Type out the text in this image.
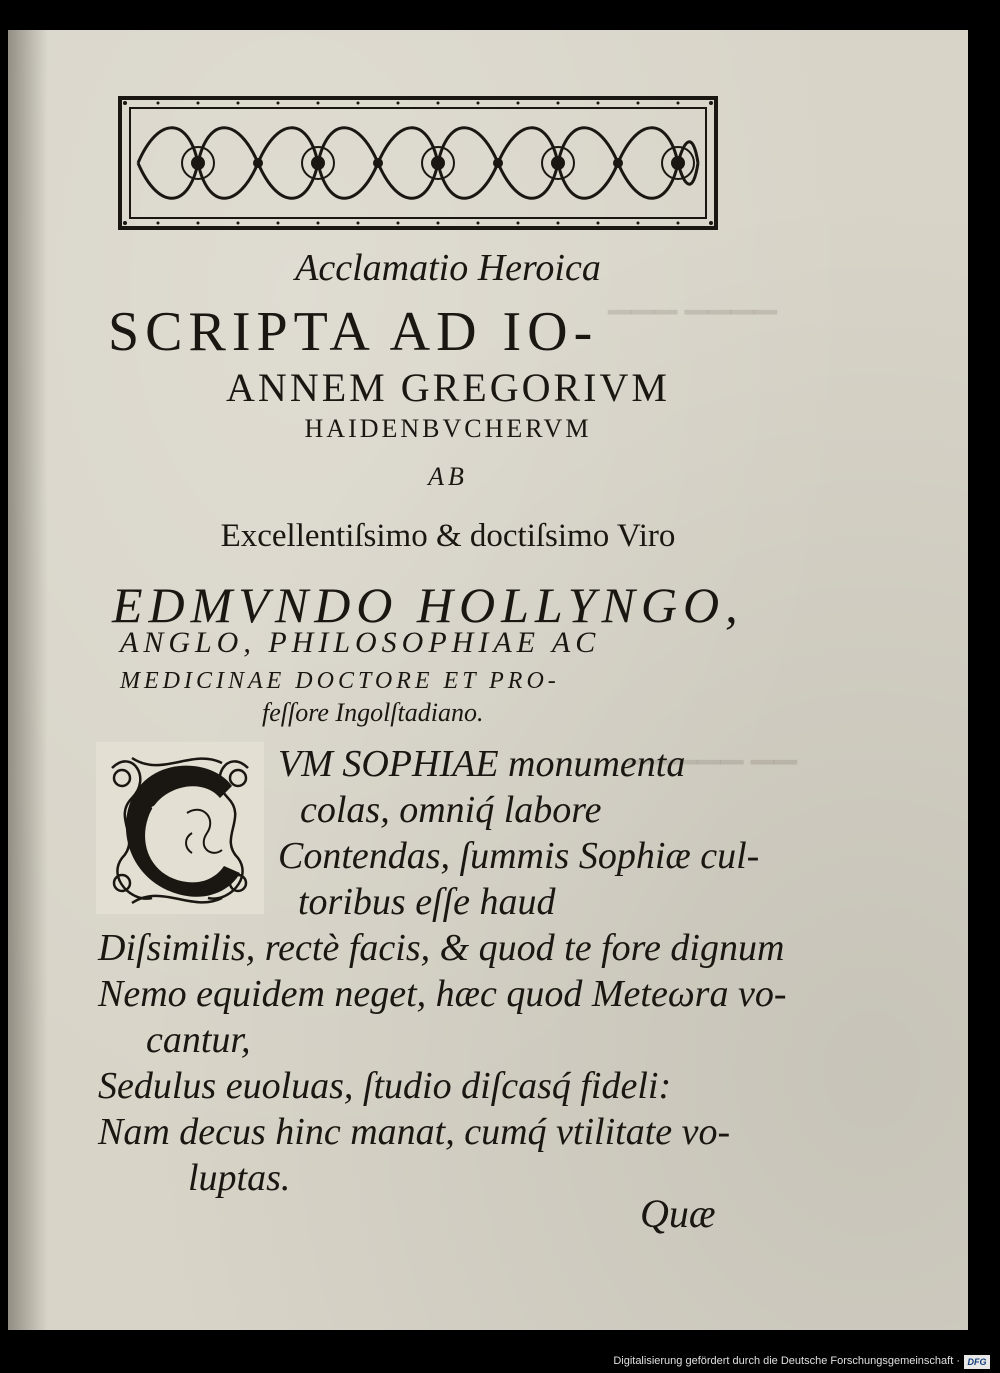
▁▁▁ ▁▁▁▁
▁▁▁▁▁ ▁▁
Acclamatio Heroica
SCRIPTA AD IO-
ANNEM GREGORIVM
HAIDENBVCHERVM
AB
Excellentiſsimo & doctiſsimo Viro
EDMVNDO HOLLYNGO,
ANGLO, PHILOSOPHIAE AC
MEDICINAE DOCTORE ET PRO-
feſſore Ingolſtadiano.
VM SOPHIAE monumenta
colas, omniq́ labore
Contendas, ſummis Sophiæ cul-
toribus eſſe haud
Diſsimilis, rectè facis, & quod te fore dignum
Nemo equidem neget, hæc quod Meteωra vo-
cantur,
Sedulus euoluas, ſtudio diſcasq́ fideli:
Nam decus hinc manat, cumq́ vtilitate vo-
luptas.
Quæ
Digitalisierung gefördert durch die Deutsche Forschungsgemeinschaft · DFG
